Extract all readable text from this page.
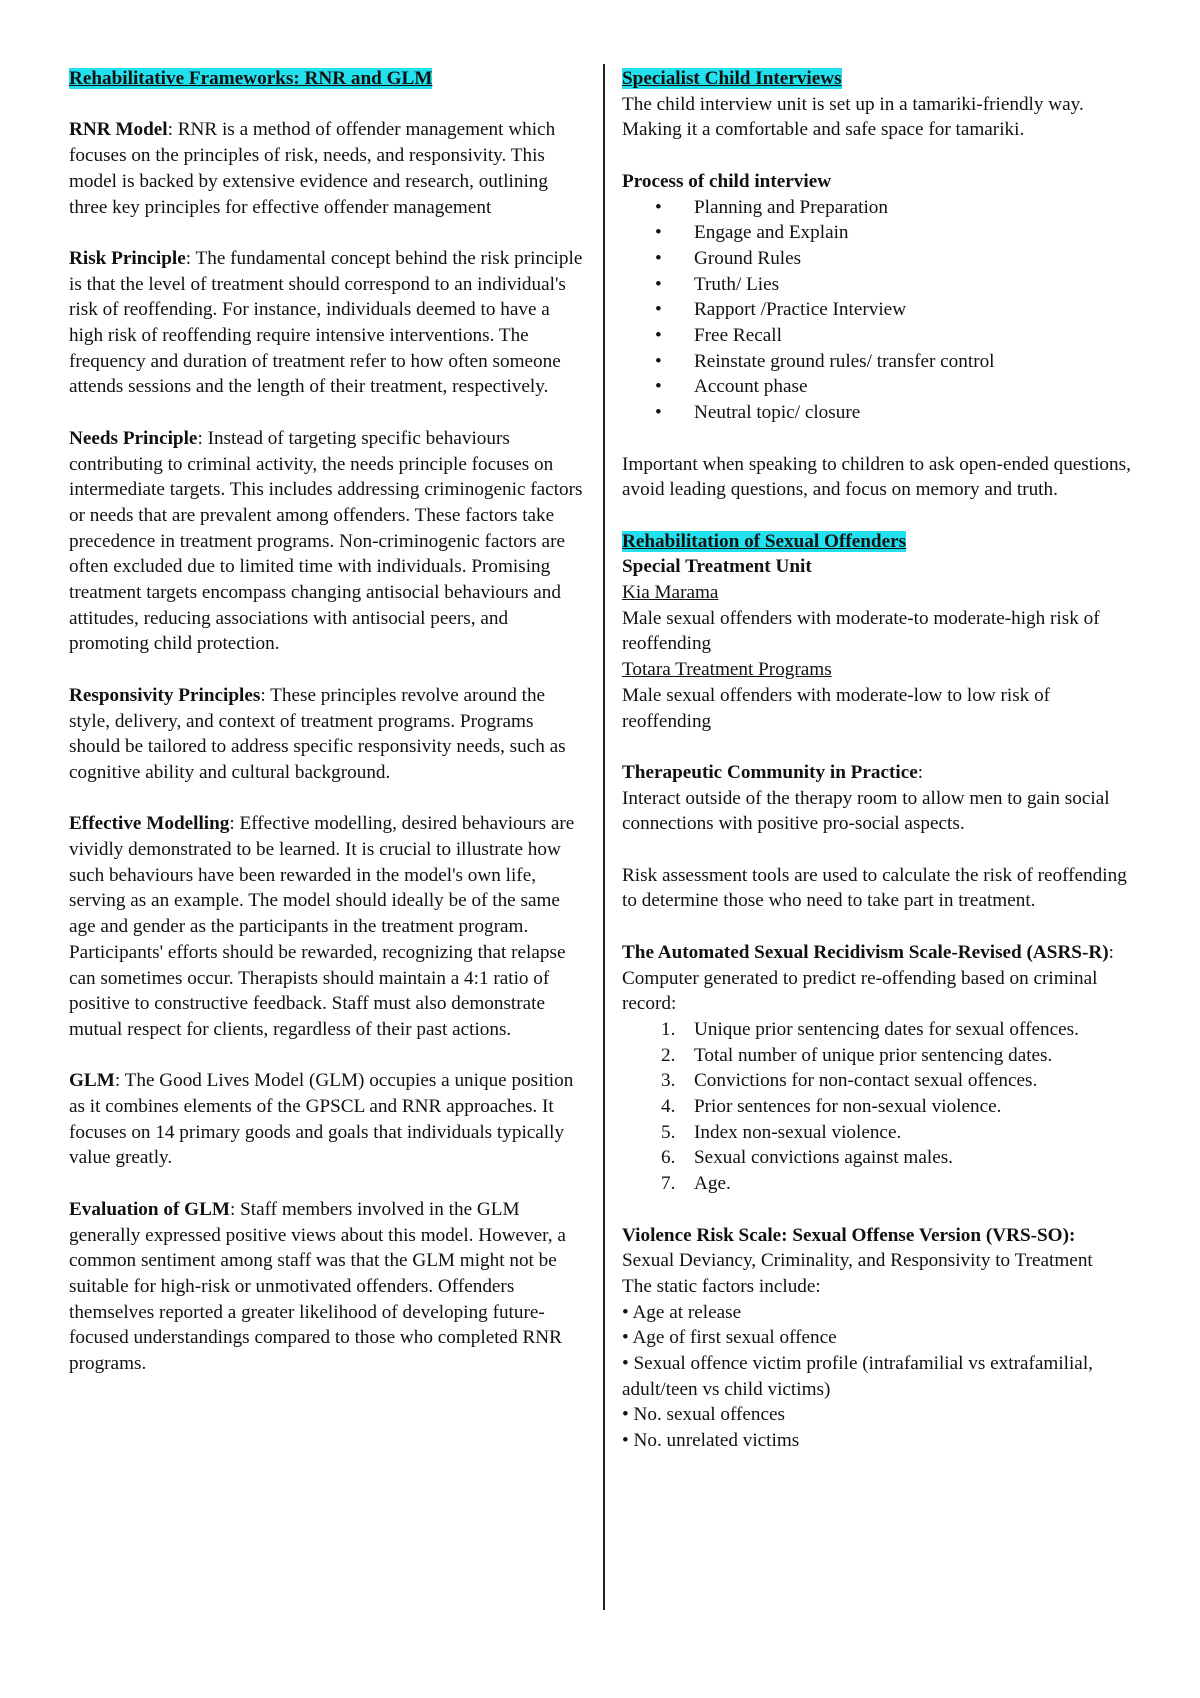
Rehabilitative Frameworks: RNR and GLM

RNR Model: RNR is a method of offender management which focuses on the principles of risk, needs, and responsivity. This model is backed by extensive evidence and research, outlining three key principles for effective offender management

Risk Principle: The fundamental concept behind the risk principle is that the level of treatment should correspond to an individual's risk of reoffending. For instance, individuals deemed to have a high risk of reoffending require intensive interventions. The frequency and duration of treatment refer to how often someone attends sessions and the length of their treatment, respectively.

Needs Principle: Instead of targeting specific behaviours contributing to criminal activity, the needs principle focuses on intermediate targets. This includes addressing criminogenic factors or needs that are prevalent among offenders. These factors take precedence in treatment programs. Non-criminogenic factors are often excluded due to limited time with individuals. Promising treatment targets encompass changing antisocial behaviours and attitudes, reducing associations with antisocial peers, and promoting child protection.

Responsivity Principles: These principles revolve around the style, delivery, and context of treatment programs. Programs should be tailored to address specific responsivity needs, such as cognitive ability and cultural background.

Effective Modelling: Effective modelling, desired behaviours are vividly demonstrated to be learned. It is crucial to illustrate how such behaviours have been rewarded in the model's own life, serving as an example. The model should ideally be of the same age and gender as the participants in the treatment program. Participants' efforts should be rewarded, recognizing that relapse can sometimes occur. Therapists should maintain a 4:1 ratio of positive to constructive feedback. Staff must also demonstrate mutual respect for clients, regardless of their past actions.

GLM: The Good Lives Model (GLM) occupies a unique position as it combines elements of the GPSCL and RNR approaches. It focuses on 14 primary goods and goals that individuals typically value greatly.

Evaluation of GLM: Staff members involved in the GLM generally expressed positive views about this model. However, a common sentiment among staff was that the GLM might not be suitable for high-risk or unmotivated offenders. Offenders themselves reported a greater likelihood of developing future-focused understandings compared to those who completed RNR programs.

Specialist Child Interviews

The child interview unit is set up in a tamariki-friendly way. Making it a comfortable and safe space for tamariki.

Process of child interview

• Planning and Preparation
• Engage and Explain
• Ground Rules
• Truth/ Lies
• Rapport /Practice Interview
• Free Recall
• Reinstate ground rules/ transfer control
• Account phase
• Neutral topic/ closure

Important when speaking to children to ask open-ended questions, avoid leading questions, and focus on memory and truth.

Rehabilitation of Sexual Offenders

Special Treatment Unit

Kia Marama

Male sexual offenders with moderate-to moderate-high risk of reoffending

Totara Treatment Programs

Male sexual offenders with moderate-low to low risk of reoffending

Therapeutic Community in Practice:

Interact outside of the therapy room to allow men to gain social connections with positive pro-social aspects.

Risk assessment tools are used to calculate the risk of reoffending to determine those who need to take part in treatment.

The Automated Sexual Recidivism Scale-Revised (ASRS-R):

Computer generated to predict re-offending based on criminal record:

1. Unique prior sentencing dates for sexual offences.
2. Total number of unique prior sentencing dates.
3. Convictions for non-contact sexual offences.
4. Prior sentences for non-sexual violence.
5. Index non-sexual violence.
6. Sexual convictions against males.
7. Age.

Violence Risk Scale: Sexual Offense Version (VRS-SO):

Sexual Deviancy, Criminality, and Responsivity to Treatment

The static factors include:

• Age at release

• Age of first sexual offence

• Sexual offence victim profile (intrafamilial vs extrafamilial, adult/teen vs child victims)

• No. sexual offences

• No. unrelated victims
